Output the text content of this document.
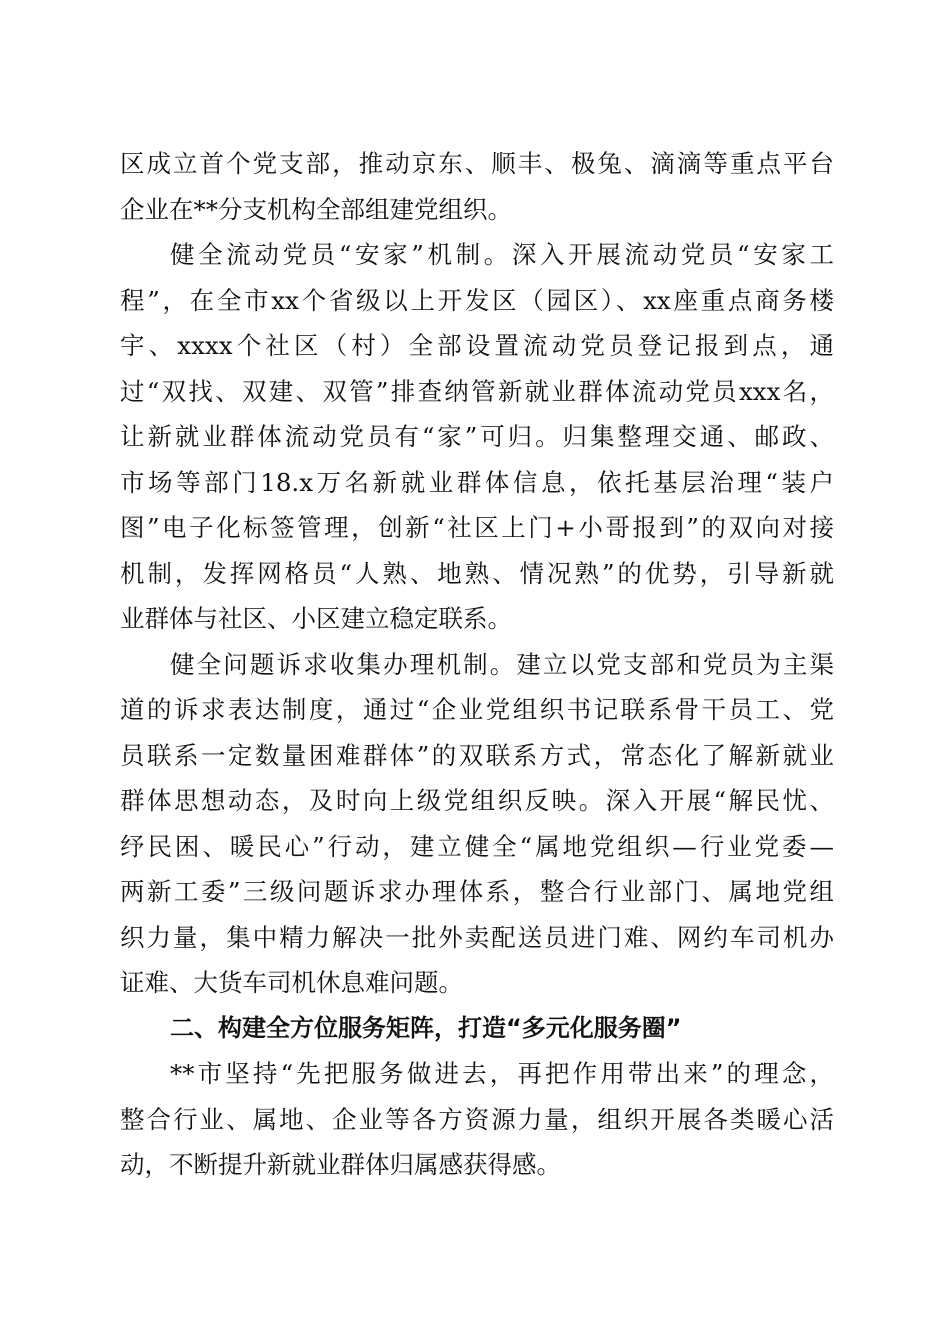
区成立首个党支部，推动京东、顺丰、极兔、滴滴等重点平台
企业在**分支机构全部组建党组织。
健全流动党员“安家”机制。深入开展流动党员“安家工
程”，在全市xx个省级以上开发区（园区）、xx座重点商务楼
宇、xxxx个社区（村）全部设置流动党员登记报到点，通
过“双找、双建、双管”排查纳管新就业群体流动党员xxx名，
让新就业群体流动党员有“家”可归。归集整理交通、邮政、
市场等部门18.x万名新就业群体信息，依托基层治理“装户
图”电子化标签管理，创新“社区上门+小哥报到”的双向对接
机制，发挥网格员“人熟、地熟、情况熟”的优势，引导新就
业群体与社区、小区建立稳定联系。
健全问题诉求收集办理机制。建立以党支部和党员为主渠
道的诉求表达制度，通过“企业党组织书记联系骨干员工、党
员联系一定数量困难群体”的双联系方式，常态化了解新就业
群体思想动态，及时向上级党组织反映。深入开展“解民忧、
纾民困、暖民心”行动，建立健全“属地党组织—行业党委—
两新工委”三级问题诉求办理体系，整合行业部门、属地党组
织力量，集中精力解决一批外卖配送员进门难、网约车司机办
证难、大货车司机休息难问题。
二、构建全方位服务矩阵，打造“多元化服务圈”
**市坚持“先把服务做进去，再把作用带出来”的理念，
整合行业、属地、企业等各方资源力量，组织开展各类暖心活
动，不断提升新就业群体归属感获得感。
